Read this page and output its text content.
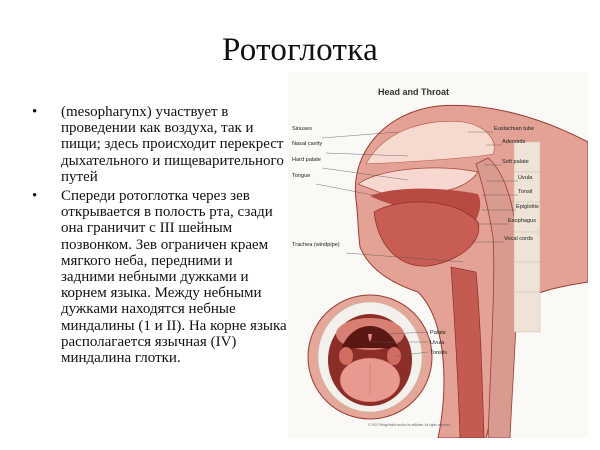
Ротоглотка
• (mesopharynx) участвует в проведении как воздуха, так и пищи; здесь происходит перекрест дыхательного и пищеварительного путей
• Спереди ротоглотка через зев открывается в полость рта, сзади она граничит с III шейным позвонком. Зев ограничен краем мягкого неба, передними и задними небными дужками и корнем языка. Между небными дужками находятся небные миндалины (1 и II). На корне языка располагается язычная (IV) миндалина глотки.
Head and Throat
Sinuses
Nasal cavity
Hard palate
Tongue
Trachea (windpipe)
Eustachian tube
Adenoids
Soft palate
Uvula
Tonsil
Epiglottis
Esophagus
Vocal cords
Palate
Uvula
Tonsils
© 2007 RelayHealth and/or its affiliates. All rights reserved.
